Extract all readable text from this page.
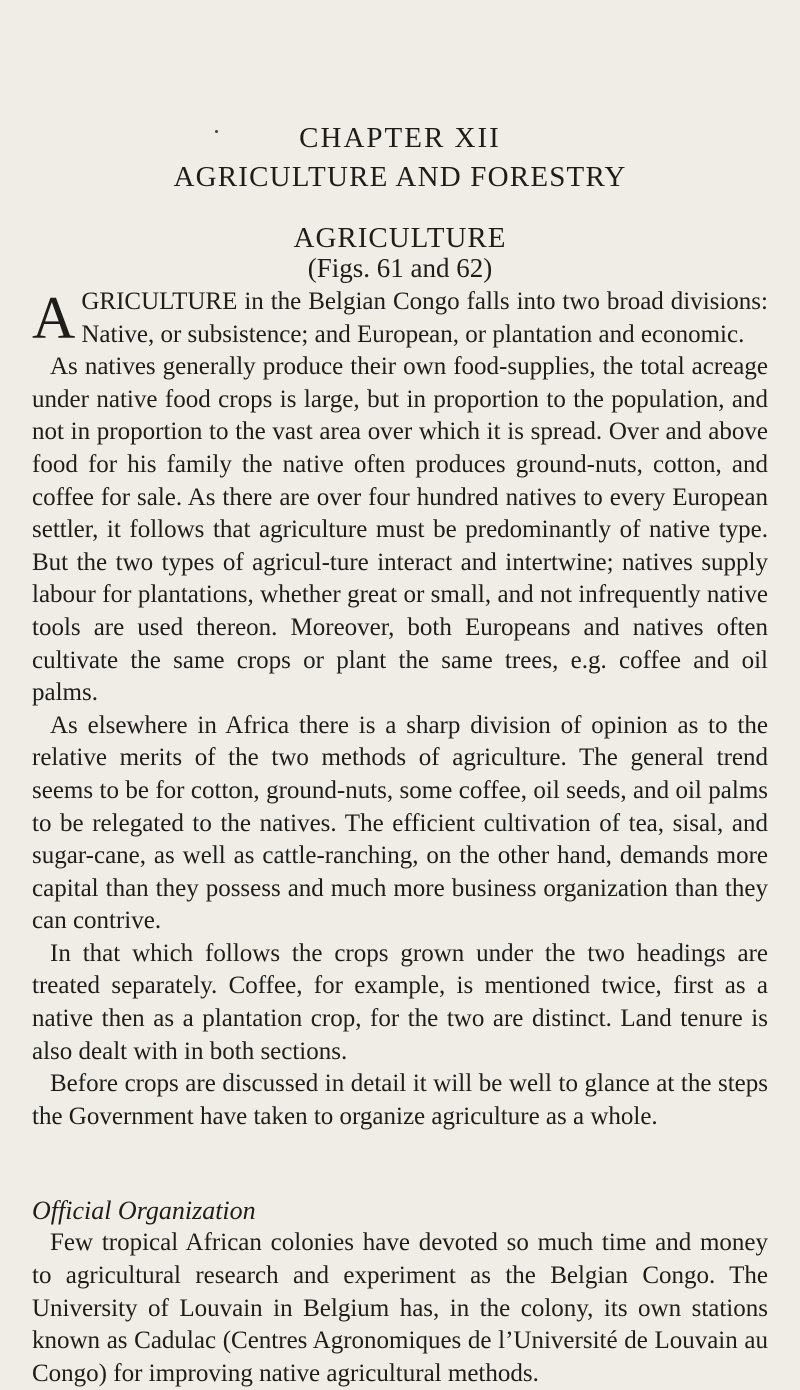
CHAPTER XII
AGRICULTURE AND FORESTRY
AGRICULTURE
(Figs. 61 and 62)

AGRICULTURE in the Belgian Congo falls into two broad divisions: Native, or subsistence; and European, or plantation and economic.

As natives generally produce their own food-supplies, the total acreage under native food crops is large, but in proportion to the population, and not in proportion to the vast area over which it is spread. Over and above food for his family the native often produces ground-nuts, cotton, and coffee for sale. As there are over four hundred natives to every European settler, it follows that agriculture must be predominantly of native type. But the two types of agricul-ture interact and intertwine; natives supply labour for plantations, whether great or small, and not infrequently native tools are used thereon. Moreover, both Europeans and natives often cultivate the same crops or plant the same trees, e.g. coffee and oil palms.

As elsewhere in Africa there is a sharp division of opinion as to the relative merits of the two methods of agriculture. The general trend seems to be for cotton, ground-nuts, some coffee, oil seeds, and oil palms to be relegated to the natives. The efficient cultivation of tea, sisal, and sugar-cane, as well as cattle-ranching, on the other hand, demands more capital than they possess and much more business organization than they can contrive.

In that which follows the crops grown under the two headings are treated separately. Coffee, for example, is mentioned twice, first as a native then as a plantation crop, for the two are distinct. Land tenure is also dealt with in both sections.

Before crops are discussed in detail it will be well to glance at the steps the Government have taken to organize agriculture as a whole.

Official Organization

Few tropical African colonies have devoted so much time and money to agricultural research and experiment as the Belgian Congo. The University of Louvain in Belgium has, in the colony, its own stations known as Cadulac (Centres Agronomiques de l’Université de Louvain au Congo) for improving native agricultural methods.
